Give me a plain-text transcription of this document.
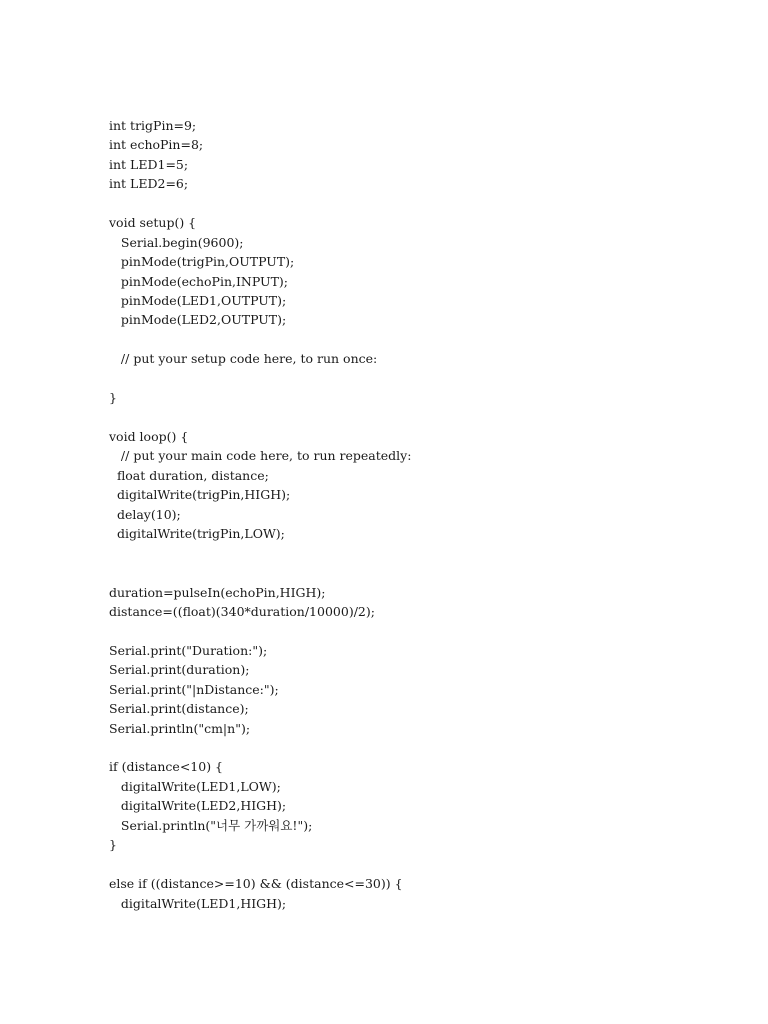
int trigPin=9;
int echoPin=8;
int LED1=5;
int LED2=6;
void setup() {
Serial.begin(9600);
pinMode(trigPin,OUTPUT);
pinMode(echoPin,INPUT);
pinMode(LED1,OUTPUT);
pinMode(LED2,OUTPUT);
// put your setup code here, to run once:
}
void loop() {
// put your main code here, to run repeatedly:
float duration, distance;
digitalWrite(trigPin,HIGH);
delay(10);
digitalWrite(trigPin,LOW);
duration=pulseIn(echoPin,HIGH);
distance=((float)(340*duration/10000)/2);
Serial.print("Duration:");
Serial.print(duration);
Serial.print("|nDistance:");
Serial.print(distance);
Serial.println("cm|n");
if (distance<10) {
digitalWrite(LED1,LOW);
digitalWrite(LED2,HIGH);
Serial.println("너무 가까워요!");
}
else if ((distance>=10) && (distance<=30)) {
digitalWrite(LED1,HIGH);
